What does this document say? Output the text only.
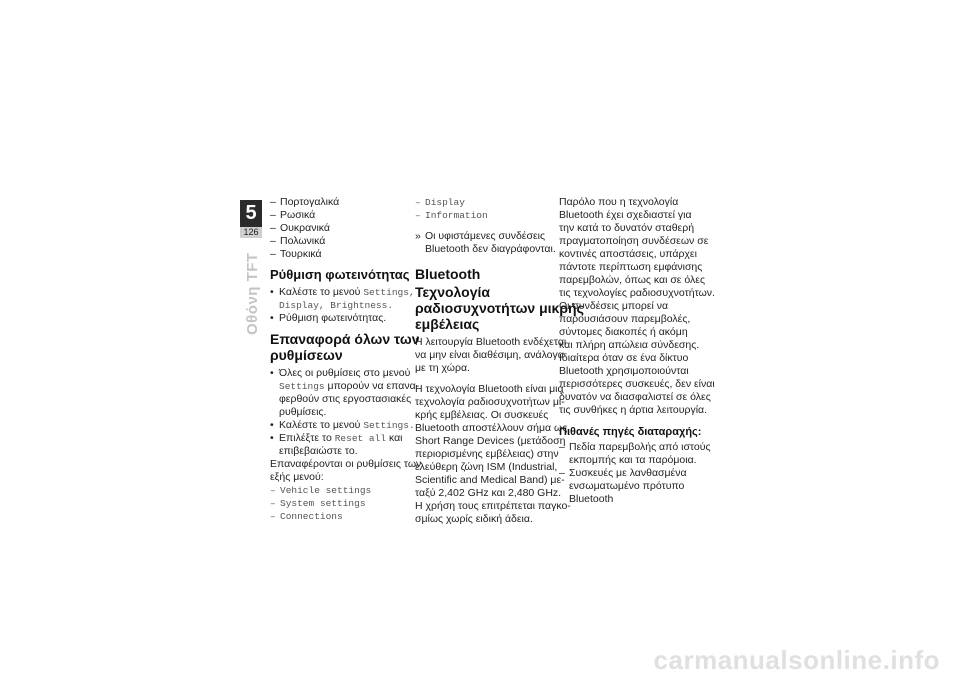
5
126
Οθόνη TFT
– Πορτογαλικά
– Ρωσικά
– Ουκρανικά
– Πολωνικά
– Τουρκικά
Ρύθμιση φωτεινότητας
• Καλέστε το μενού Settings,
Display, Brightness.
• Ρύθμιση φωτεινότητας.
Επαναφορά όλων των
ρυθμίσεων
• Όλες οι ρυθμίσεις στο μενού
Settings μπορούν να επανα-
φερθούν στις εργοστασιακές
ρυθμίσεις.
• Καλέστε το μενού Settings.
• Επιλέξτε το Reset all και
επιβεβαιώστε το.
Επαναφέρονται οι ρυθμίσεις των
εξής μενού:
– Vehicle settings
– System settings
– Connections
– Display
– Information
» Οι υφιστάμενες συνδέσεις
Bluetooth δεν διαγράφονται.
Bluetooth
Τεχνολογία
ραδιοσυχνοτήτων μικρής
εμβέλειας
Η λειτουργία Bluetooth ενδέχεται
να μην είναι διαθέσιμη, ανάλογα
με τη χώρα.
Η τεχνολογία Bluetooth είναι μια
τεχνολογία ραδιοσυχνοτήτων μι-
κρής εμβέλειας. Οι συσκευές
Bluetooth αποστέλλουν σήμα ως
Short Range Devices (μετάδοση
περιορισμένης εμβέλειας) στην
ελεύθερη ζώνη ISM (Industrial,
Scientific and Medical Band) με-
ταξύ 2,402 GHz και 2,480 GHz.
Η χρήση τους επιτρέπεται παγκο-
σμίως χωρίς ειδική άδεια.
Παρόλο που η τεχνολογία
Bluetooth έχει σχεδιαστεί για
την κατά το δυνατόν σταθερή
πραγματοποίηση συνδέσεων σε
κοντινές αποστάσεις, υπάρχει
πάντοτε περίπτωση εμφάνισης
παρεμβολών, όπως και σε όλες
τις τεχνολογίες ραδιοσυχνοτήτων.
Οι συνδέσεις μπορεί να
παρουσιάσουν παρεμβολές,
σύντομες διακοπές ή ακόμη
και πλήρη απώλεια σύνδεσης.
Ιδιαίτερα όταν σε ένα δίκτυο
Bluetooth χρησιμοποιούνται
περισσότερες συσκευές, δεν είναι
δυνατόν να διασφαλιστεί σε όλες
τις συνθήκες η άρτια λειτουργία.
Πιθανές πηγές διαταραχής:
– Πεδία παρεμβολής από ιστούς
εκπομπής και τα παρόμοια.
– Συσκευές με λανθασμένα
ενσωματωμένο πρότυπο
Bluetooth
carmanualsonline.info
